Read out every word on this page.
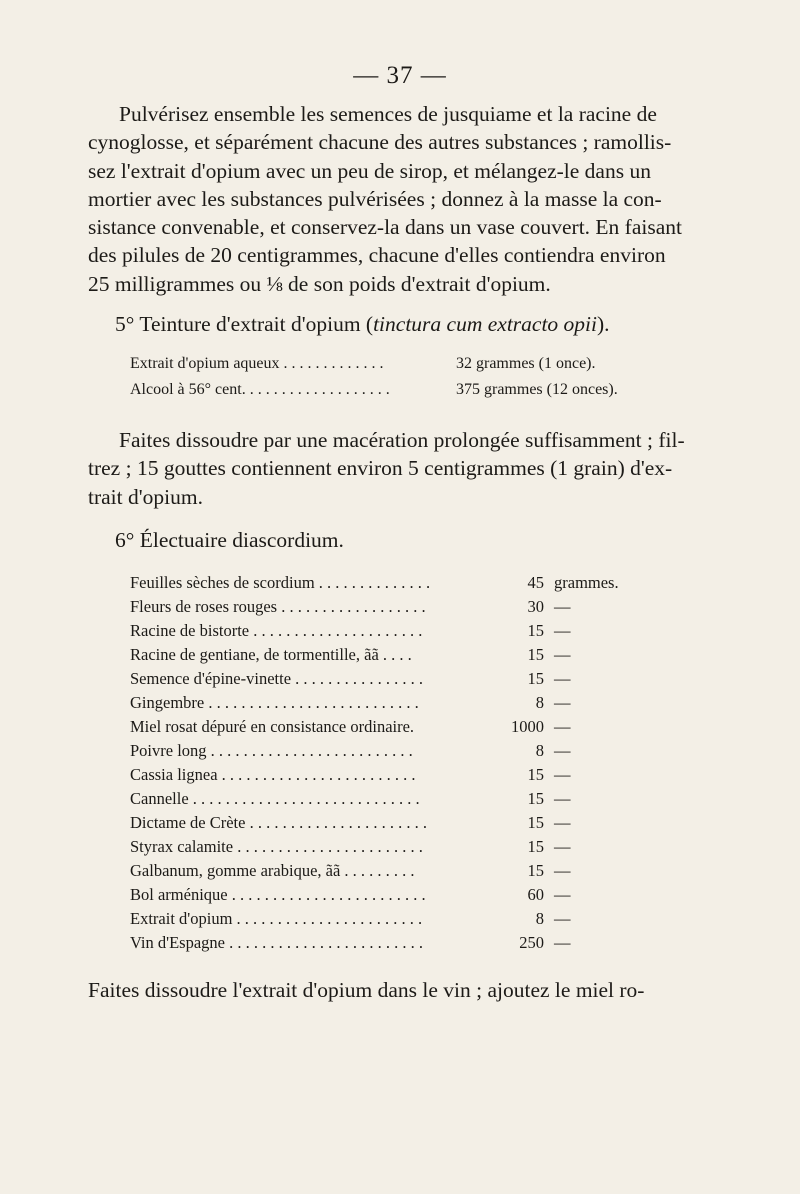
— 37 —
Pulvérisez ensemble les semences de jusquiame et la racine de
cynoglosse, et séparément chacune des autres substances ; ramollis-
sez l'extrait d'opium avec un peu de sirop, et mélangez-le dans un
mortier avec les substances pulvérisées ; donnez à la masse la con-
sistance convenable, et conservez-la dans un vase couvert. En faisant
des pilules de 20 centigrammes, chacune d'elles contiendra environ
25 milligrammes ou ⅛ de son poids d'extrait d'opium.
5° Teinture d'extrait d'opium (tinctura cum extracto opii).
Extrait d'opium aqueux . . . . . . . . . . . . .	32 grammes (1 once).
Alcool à 56° cent. . . . . . . . . . . . . . . . . . .	375 grammes (12 onces).
Faites dissoudre par une macération prolongée suffisamment ; fil-
trez ; 15 gouttes contiennent environ 5 centigrammes (1 grain) d'ex-
trait d'opium.
6° Électuaire diascordium.
Feuilles sèches de scordium . . . . . . . . . . . . . .	45 grammes.
Fleurs de roses rouges . . . . . . . . . . . . . . . . . .	30 —
Racine de bistorte . . . . . . . . . . . . . . . . . . . . .	15 —
Racine de gentiane, de tormentille, ãã . . . .	15 —
Semence d'épine-vinette . . . . . . . . . . . . . . . .	15 —
Gingembre . . . . . . . . . . . . . . . . . . . . . . . . . .	8 —
Miel rosat dépuré en consistance ordinaire.	1000 —
Poivre long . . . . . . . . . . . . . . . . . . . . . . . . .	8 —
Cassia lignea . . . . . . . . . . . . . . . . . . . . . . . .	15 —
Cannelle . . . . . . . . . . . . . . . . . . . . . . . . . . . .	15 —
Dictame de Crète . . . . . . . . . . . . . . . . . . . . . .	15 —
Styrax calamite . . . . . . . . . . . . . . . . . . . . . . .	15 —
Galbanum, gomme arabique, ãã . . . . . . . . .	15 —
Bol arménique . . . . . . . . . . . . . . . . . . . . . . . .	60 —
Extrait d'opium . . . . . . . . . . . . . . . . . . . . . . .	8 —
Vin d'Espagne . . . . . . . . . . . . . . . . . . . . . . . .	250 —
Faites dissoudre l'extrait d'opium dans le vin ; ajoutez le miel ro-
